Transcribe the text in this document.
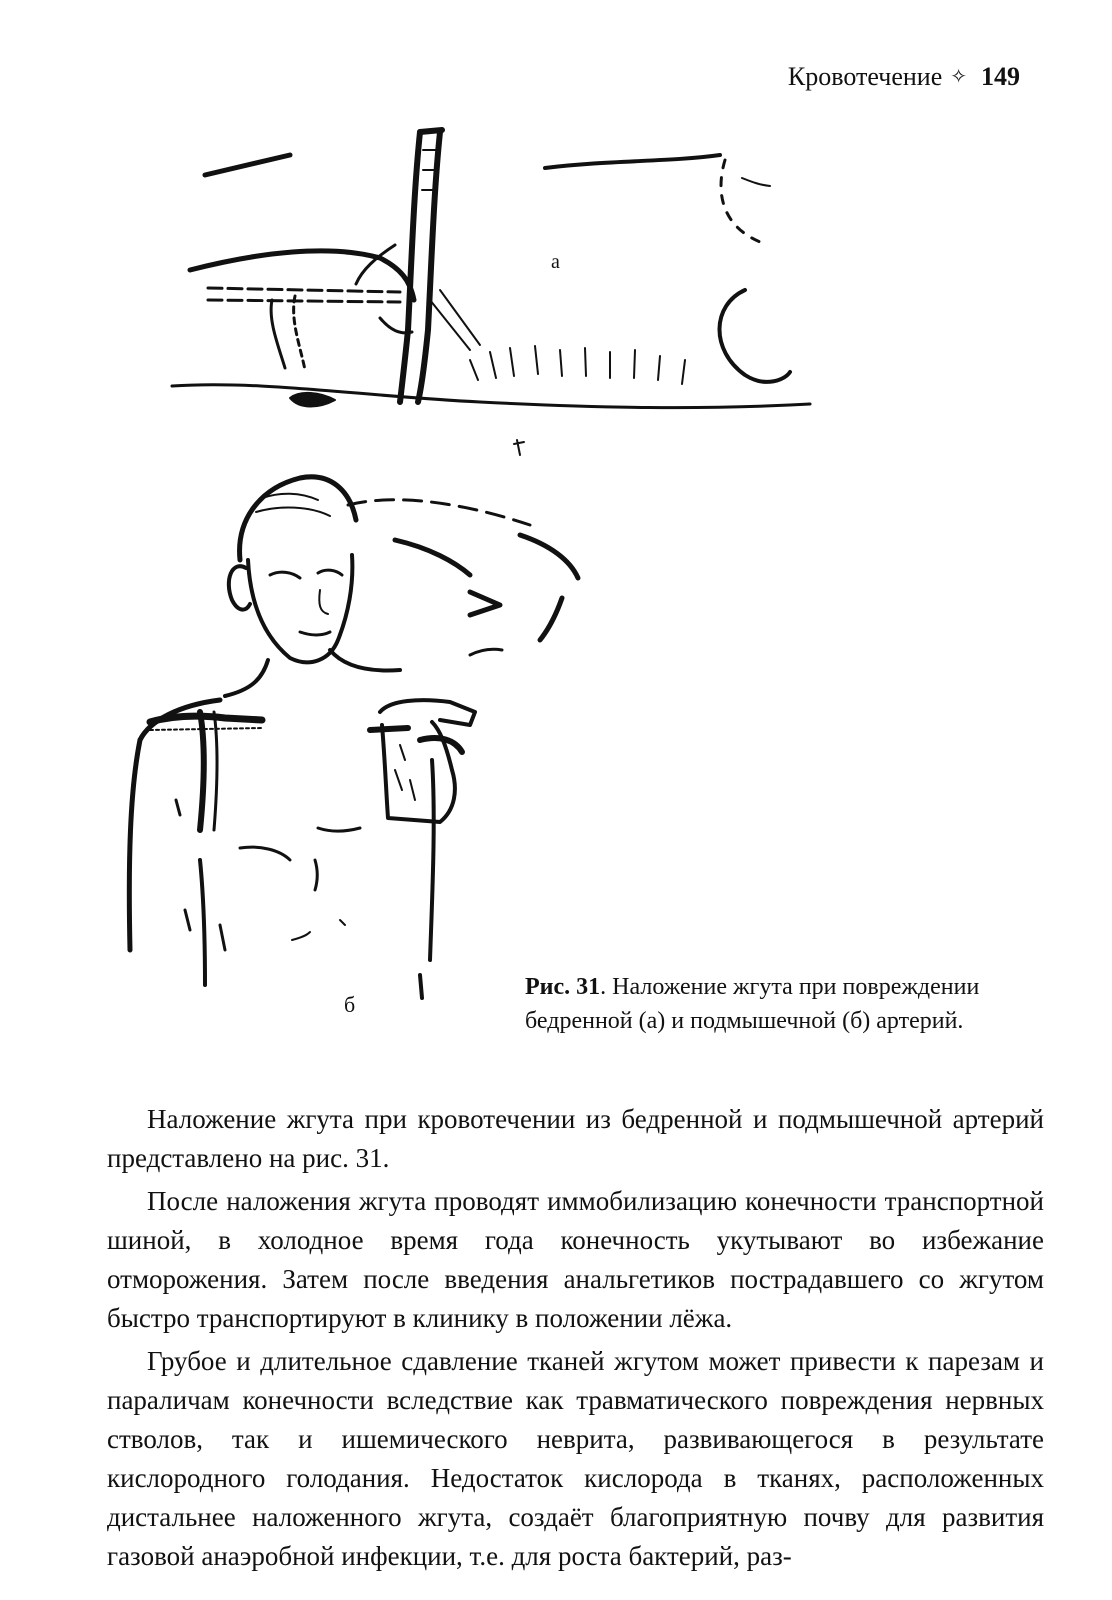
Кровотечение ✧ 149
а
б
Рис. 31. Наложение жгута при повреждении бедренной (а) и подмышечной (б) артерий.

Наложение жгута при кровотечении из бедренной и подмышечной артерий представлено на рис. 31.

После наложения жгута проводят иммобилизацию конечности транспортной шиной, в холодное время года конечность укутывают во избежание отморожения. Затем после введения анальгетиков пострадавшего со жгутом быстро транспортируют в клинику в положении лёжа.

Грубое и длительное сдавление тканей жгутом может привести к парезам и параличам конечности вследствие как травматического повреждения нервных стволов, так и ишемического неврита, развивающегося в результате кислородного голодания. Недостаток кислорода в тканях, расположенных дистальнее наложенного жгута, создаёт благоприятную почву для развития газовой анаэробной инфекции, т.е. для роста бактерий, раз-
